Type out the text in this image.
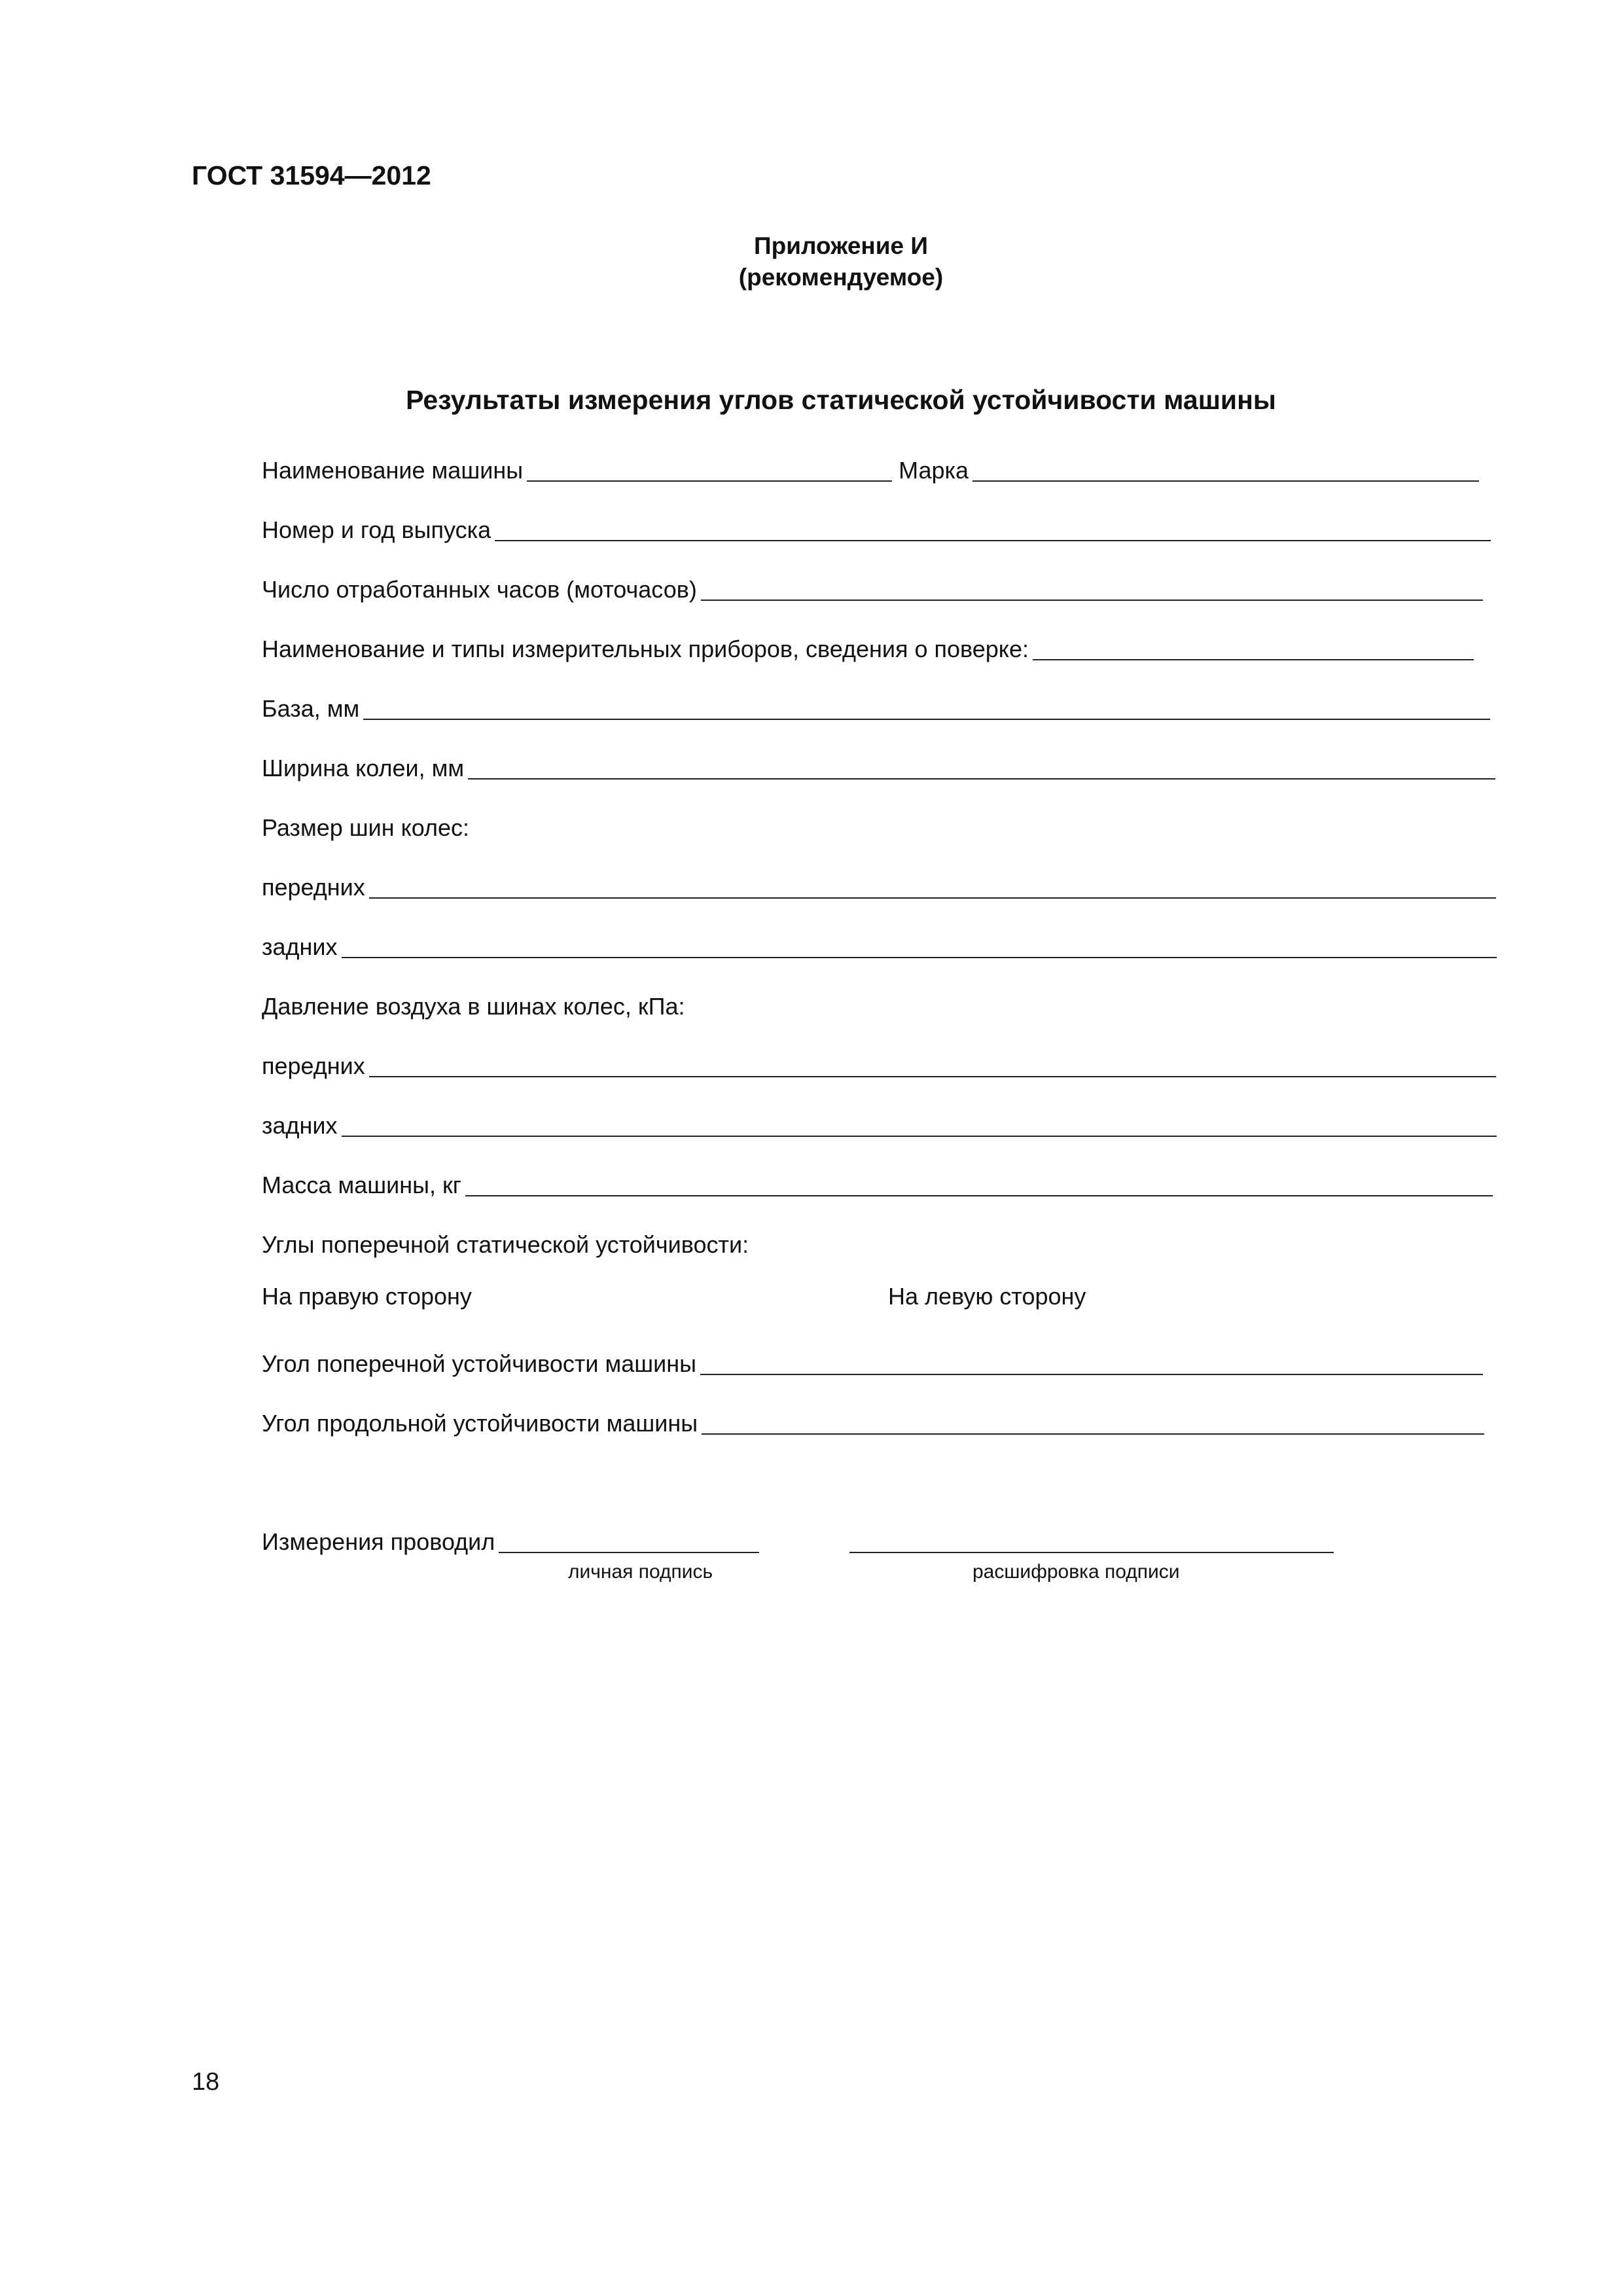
ГОСТ 31594—2012
Приложение И
(рекомендуемое)
Результаты измерения углов статической устойчивости машины
Наименование машины	Марка
Номер и год выпуска
Число отработанных часов (моточасов)
Наименование и типы измерительных приборов, сведения о поверке:
База, мм
Ширина колеи, мм
Размер шин колес:
передних
задних
Давление воздуха в шинах колес, кПа:
передних
задних
Масса машины, кг
Углы поперечной статической устойчивости:
На правую сторону	На левую сторону
Угол поперечной устойчивости машины
Угол продольной устойчивости машины
Измерения проводил
личная подпись	расшифровка подписи
18
